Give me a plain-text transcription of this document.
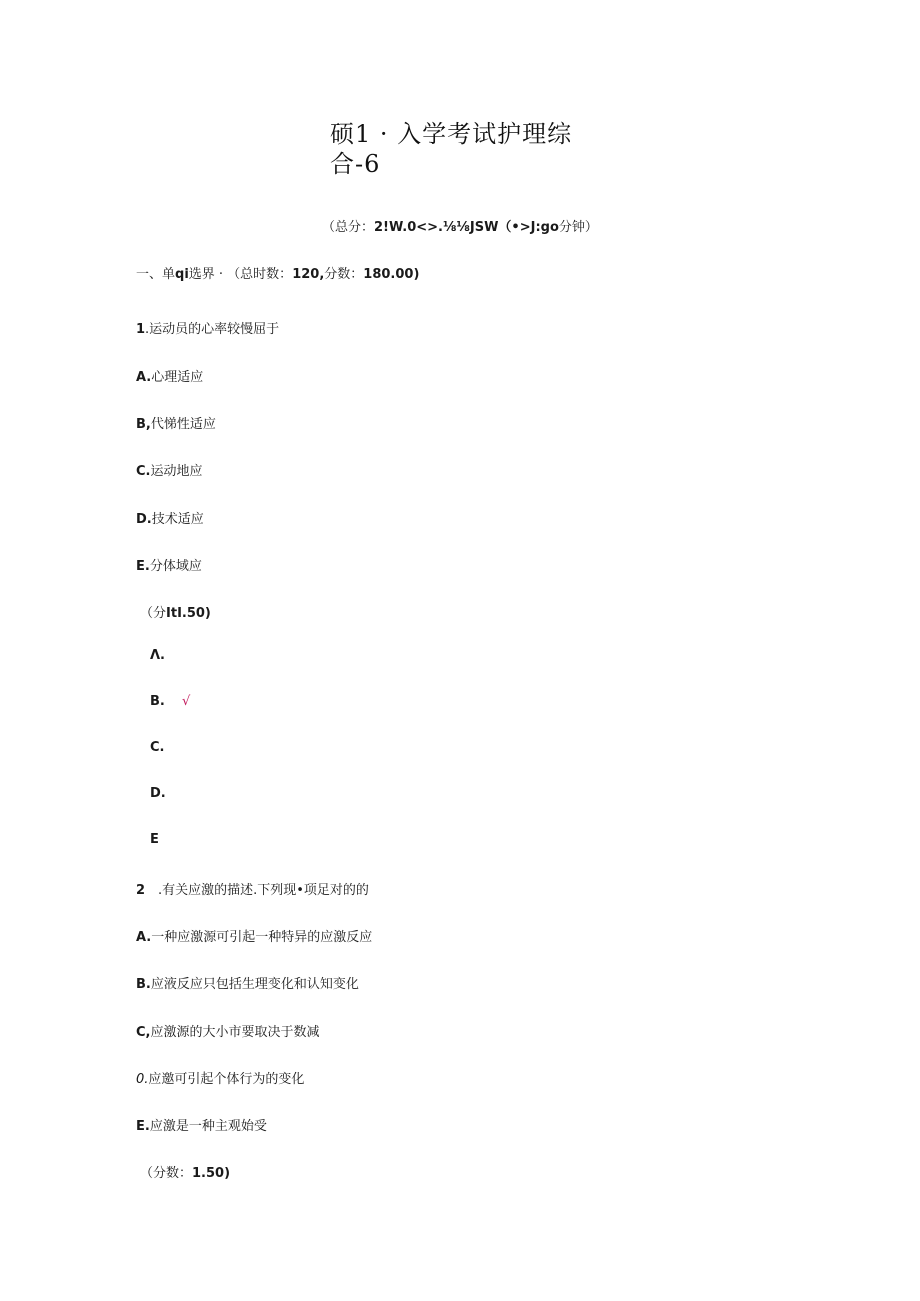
硕1 · 入学考试护理综
合-6
（总分：2!W.0<>.⅛⅛JSW（•>J:go分钟）
一、单qi选界 · （总时数：120,分数：180.00)
1.运动员的心率较慢屈于
A.心理适应
B,代悌性适应
C.运动地应
D.技术适应
E.分体域应
（分ItI.50)
Λ.
B. √
C.
D.
E
2 .有关应激的描述.下列现•项足对的的
A.一种应激源可引起一种特异的应激反应
B.应液反应只包括生理变化和认知变化
C,应激源的大小市要取决于数减
0.应邀可引起个体行为的变化
E.应激是一种主观始受
（分数：1.50)
